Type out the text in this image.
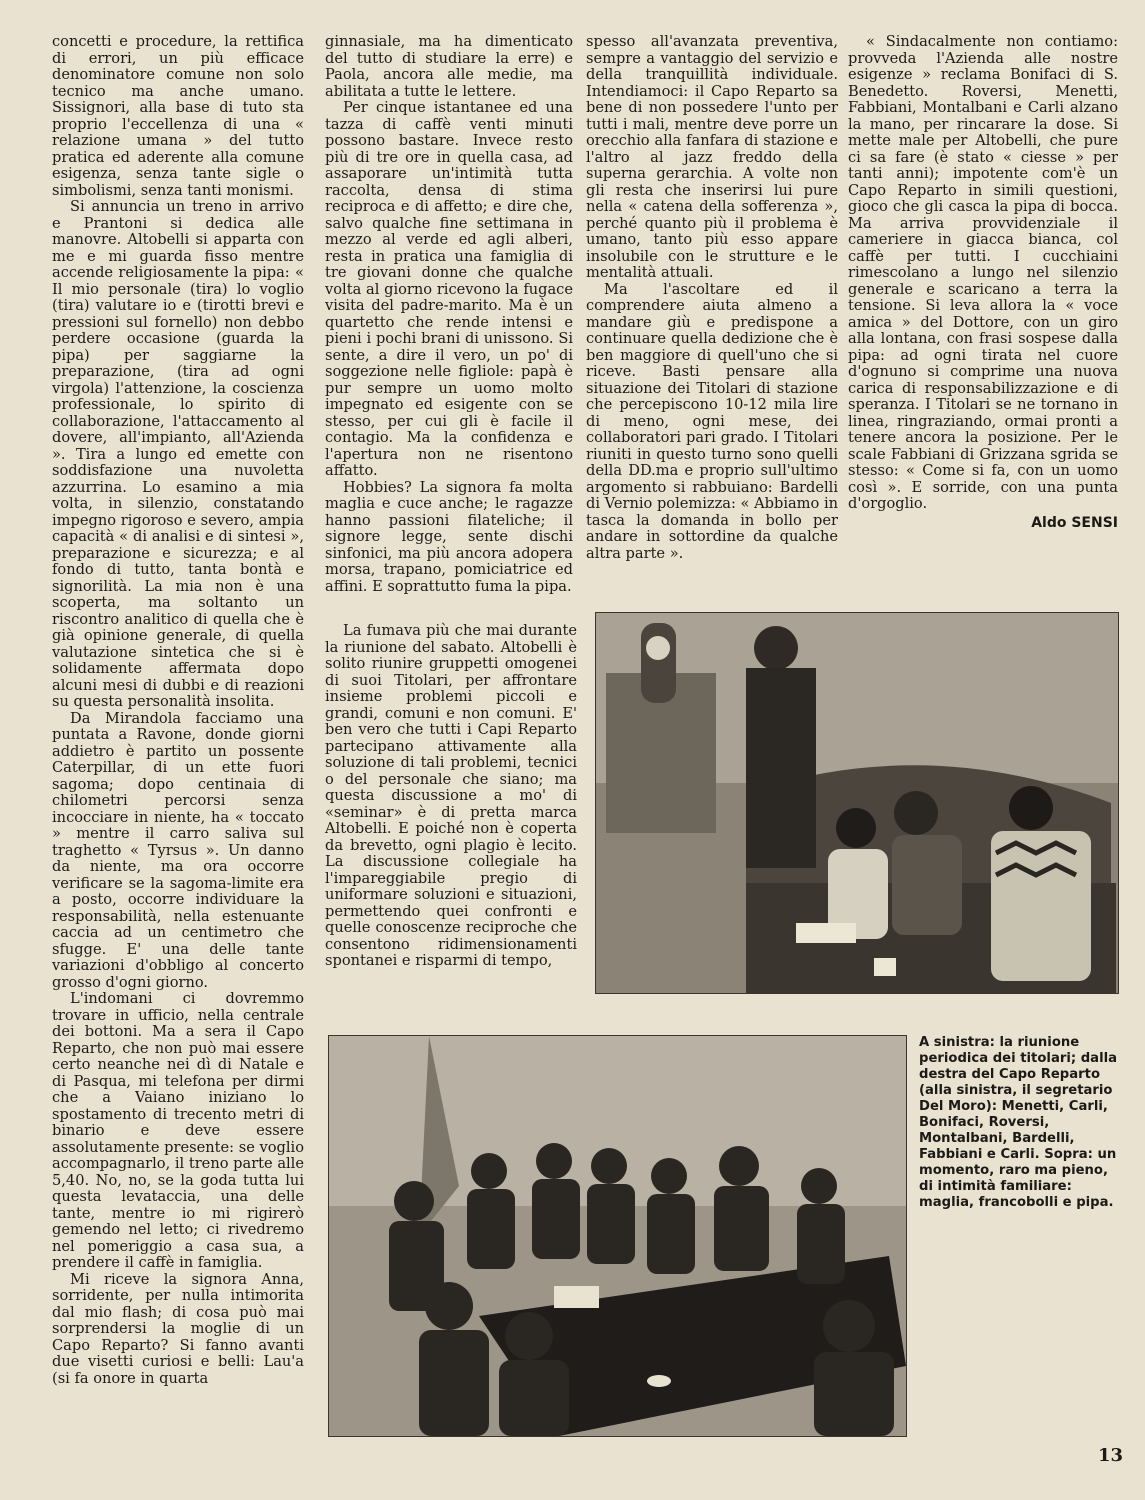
concetti e procedure, la rettifica di errori, un più efficace denominatore comune non solo tecnico ma anche umano. Sissignori, alla base di tuto sta proprio l'eccellenza di una « relazione umana » del tutto pratica ed aderente alla comune esigenza, senza tante sigle o simbolismi, senza tanti monismi.

Si annuncia un treno in arrivo e Prantoni si dedica alle manovre. Altobelli si apparta con me e mi guarda fisso mentre accende religiosamente la pipa: « Il mio personale (tira) lo voglio (tira) valutare io e (tirotti brevi e pressioni sul fornello) non debbo perdere occasione (guarda la pipa) per saggiarne la preparazione, (tira ad ogni virgola) l'attenzione, la coscienza professionale, lo spirito di collaborazione, l'attaccamento al dovere, all'impianto, all'Azienda ». Tira a lungo ed emette con soddisfazione una nuvoletta azzurrina. Lo esamino a mia volta, in silenzio, constatando impegno rigoroso e severo, ampia capacità « di analisi e di sintesi », preparazione e sicurezza; e al fondo di tutto, tanta bontà e signorilità. La mia non è una scoperta, ma soltanto un riscontro analitico di quella che è già opinione generale, di quella valutazione sintetica che si è solidamente affermata dopo alcuni mesi di dubbi e di reazioni su questa personalità insolita.

Da Mirandola facciamo una puntata a Ravone, donde giorni addietro è partito un possente Caterpillar, di un ette fuori sagoma; dopo centinaia di chilometri percorsi senza incocciare in niente, ha « toccato » mentre il carro saliva sul traghetto « Tyrsus ». Un danno da niente, ma ora occorre verificare se la sagoma-limite era a posto, occorre individuare la responsabilità, nella estenuante caccia ad un centimetro che sfugge. E' una delle tante variazioni d'obbligo al concerto grosso d'ogni giorno.

L'indomani ci dovremmo trovare in ufficio, nella centrale dei bottoni. Ma a sera il Capo Reparto, che non può mai essere certo neanche nei dì di Natale e di Pasqua, mi telefona per dirmi che a Vaiano iniziano lo spostamento di trecento metri di binario e deve essere assolutamente presente: se voglio accompagnarlo, il treno parte alle 5,40. No, no, se la goda tutta lui questa levataccia, una delle tante, mentre io mi rigirerò gemendo nel letto; ci rivedremo nel pomeriggio a casa sua, a prendere il caffè in famiglia.

Mi riceve la signora Anna, sorridente, per nulla intimorita dal mio flash; di cosa può mai sorprendersi la moglie di un Capo Reparto? Si fanno avanti due visetti curiosi e belli: Lau'a (si fa onore in quarta

ginnasiale, ma ha dimenticato del tutto di studiare la erre) e Paola, ancora alle medie, ma abilitata a tutte le lettere.

Per cinque istantanee ed una tazza di caffè venti minuti possono bastare. Invece resto più di tre ore in quella casa, ad assaporare un'intimità tutta raccolta, densa di stima reciproca e di affetto; e dire che, salvo qualche fine settimana in mezzo al verde ed agli alberi, resta in pratica una famiglia di tre giovani donne che qualche volta al giorno ricevono la fugace visita del padre-marito. Ma è un quartetto che rende intensi e pieni i pochi brani di unissono. Si sente, a dire il vero, un po' di soggezione nelle figliole: papà è pur sempre un uomo molto impegnato ed esigente con se stesso, per cui gli è facile il contagio. Ma la confidenza e l'apertura non ne risentono affatto.

Hobbies? La signora fa molta maglia e cuce anche; le ragazze hanno passioni filateliche; il signore legge, sente dischi sinfonici, ma più ancora adopera morsa, trapano, pomiciatrice ed affini. E soprattutto fuma la pipa.

La fumava più che mai durante la riunione del sabato. Altobelli è solito riunire gruppetti omogenei di suoi Titolari, per affrontare insieme problemi piccoli e grandi, comuni e non comuni. E' ben vero che tutti i Capi Reparto partecipano attivamente alla soluzione di tali problemi, tecnici o del personale che siano; ma questa discussione a mo' di «seminar» è di pretta marca Altobelli. E poiché non è coperta da brevetto, ogni plagio è lecito. La discussione collegiale ha l'impareggiabile pregio di uniformare soluzioni e situazioni, permettendo quei confronti e quelle conoscenze reciproche che consentono ridimensionamenti spontanei e risparmi di tempo,

spesso all'avanzata preventiva, sempre a vantaggio del servizio e della tranquillità individuale. Intendiamoci: il Capo Reparto sa bene di non possedere l'unto per tutti i mali, mentre deve porre un orecchio alla fanfara di stazione e l'altro al jazz freddo della superna gerarchia. A volte non gli resta che inserirsi lui pure nella « catena della sofferenza », perché quanto più il problema è umano, tanto più esso appare insolubile con le strutture e le mentalità attuali.

Ma l'ascoltare ed il comprendere aiuta almeno a mandare giù e predispone a continuare quella dedizione che è ben maggiore di quell'uno che si riceve. Basti pensare alla situazione dei Titolari di stazione che percepiscono 10-12 mila lire di meno, ogni mese, dei collaboratori pari grado. I Titolari riuniti in questo turno sono quelli della DD.ma e proprio sull'ultimo argomento si rabbuiano: Bardelli di Vernio polemizza: « Abbiamo in tasca la domanda in bollo per andare in sottordine da qualche altra parte ».

« Sindacalmente non contiamo: provveda l'Azienda alle nostre esigenze » reclama Bonifaci di S. Benedetto. Roversi, Menetti, Fabbiani, Montalbani e Carli alzano la mano, per rincarare la dose. Si mette male per Altobelli, che pure ci sa fare (è stato « ciesse » per tanti anni); impotente com'è un Capo Reparto in simili questioni, gioco che gli casca la pipa di bocca. Ma arriva provvidenziale il cameriere in giacca bianca, col caffè per tutti. I cucchiaini rimescolano a lungo nel silenzio generale e scaricano a terra la tensione. Si leva allora la « voce amica » del Dottore, con un giro alla lontana, con frasi sospese dalla pipa: ad ogni tirata nel cuore d'ognuno si comprime una nuova carica di responsabilizzazione e di speranza. I Titolari se ne tornano in linea, ringraziando, ormai pronti a tenere ancora la posizione. Per le scale Fabbiani di Grizzana sgrida se stesso: « Come si fa, con un uomo così ». E sorride, con una punta d'orgoglio.

Aldo SENSI
A sinistra: la riunione periodica dei titolari; dalla destra del Capo Reparto (alla sinistra, il segretario Del Moro): Menetti, Carli, Bonifaci, Roversi, Montalbani, Bardelli, Fabbiani e Carli. Sopra: un momento, raro ma pieno, di intimità familiare: maglia, francobolli e pipa.
13
